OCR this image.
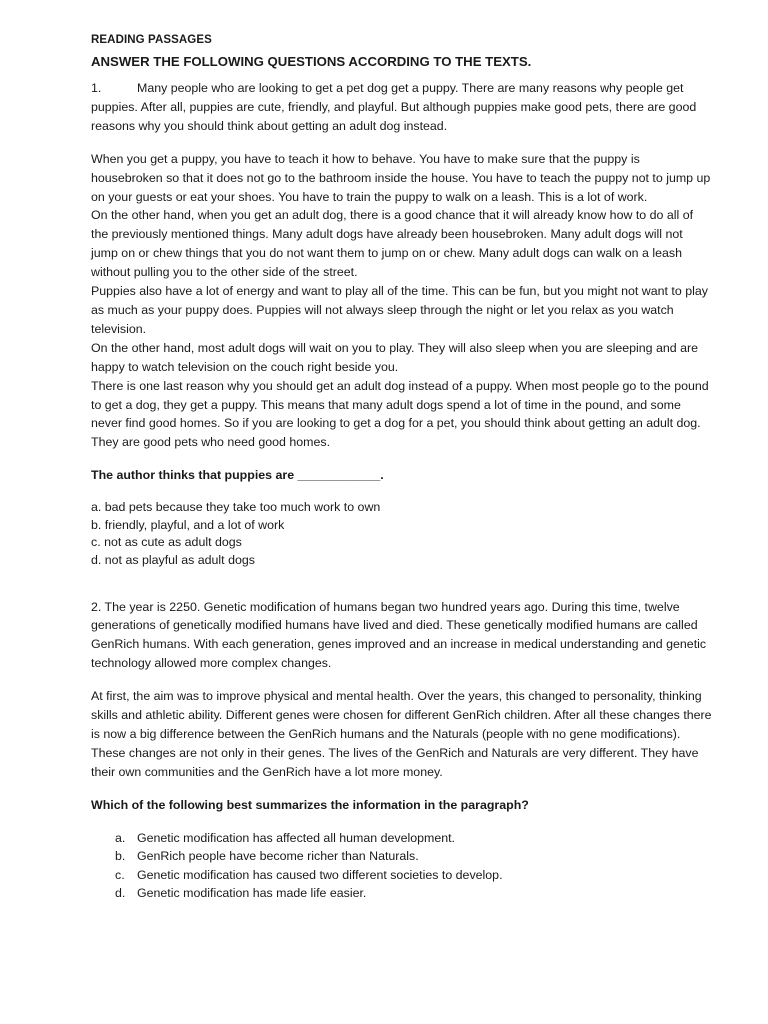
READING PASSAGES
ANSWER THE FOLLOWING QUESTIONS ACCORDING TO THE TEXTS.

1.	Many people who are looking to get a pet dog get a puppy. There are many reasons why people get puppies. After all, puppies are cute, friendly, and playful. But although puppies make good pets, there are good reasons why you should think about getting an adult dog instead.

When you get a puppy, you have to teach it how to behave. You have to make sure that the puppy is housebroken so that it does not go to the bathroom inside the house. You have to teach the puppy not to jump up on your guests or eat your shoes. You have to train the puppy to walk on a leash. This is a lot of work.

On the other hand, when you get an adult dog, there is a good chance that it will already know how to do all of the previously mentioned things. Many adult dogs have already been housebroken. Many adult dogs will not jump on or chew things that you do not want them to jump on or chew. Many adult dogs can walk on a leash without pulling you to the other side of the street.

Puppies also have a lot of energy and want to play all of the time. This can be fun, but you might not want to play as much as your puppy does. Puppies will not always sleep through the night or let you relax as you watch television.

On the other hand, most adult dogs will wait on you to play. They will also sleep when you are sleeping and are happy to watch television on the couch right beside you.

There is one last reason why you should get an adult dog instead of a puppy. When most people go to the pound to get a dog, they get a puppy. This means that many adult dogs spend a lot of time in the pound, and some never find good homes. So if you are looking to get a dog for a pet, you should think about getting an adult dog. They are good pets who need good homes.

The author thinks that puppies are ____________.

a. bad pets because they take too much work to own

b. friendly, playful, and a lot of work

c. not as cute as adult dogs

d. not as playful as adult dogs

2. The year is 2250. Genetic modification of humans began two hundred years ago. During this time, twelve generations of genetically modified humans have lived and died. These genetically modified humans are called GenRich humans. With each generation, genes improved and an increase in medical understanding and genetic technology allowed more complex changes.

At first, the aim was to improve physical and mental health. Over the years, this changed to personality, thinking skills and athletic ability. Different genes were chosen for different GenRich children. After all these changes there is now a big difference between the GenRich humans and the Naturals (people with no gene modifications). These changes are not only in their genes. The lives of the GenRich and Naturals are very different. They have their own communities and the GenRich have a lot more money.

Which of the following best summarizes the information in the paragraph?

a. Genetic modification has affected all human development.
b. GenRich people have become richer than Naturals.
c. Genetic modification has caused two different societies to develop.
d. Genetic modification has made life easier.
